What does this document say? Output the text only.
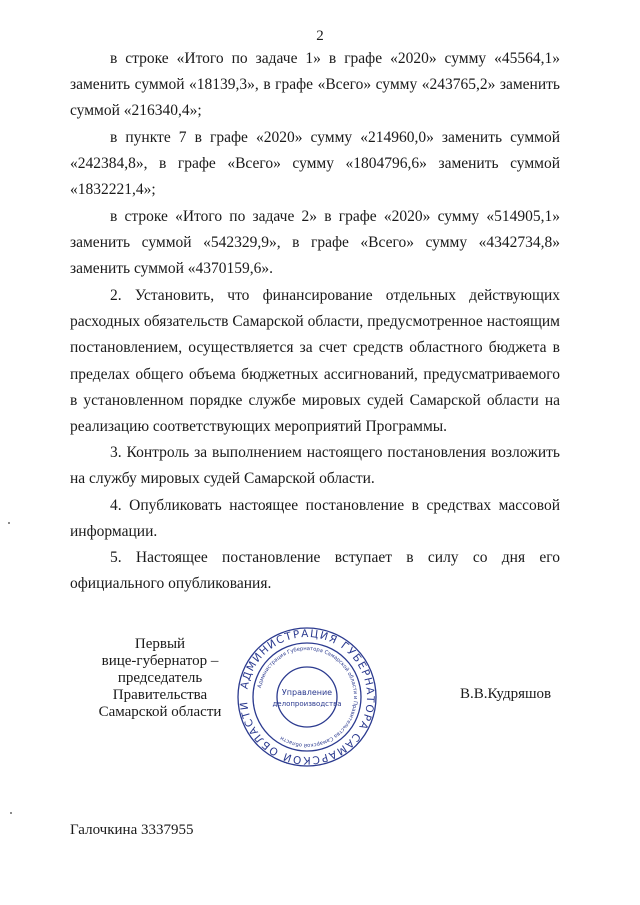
2

в строке «Итого по задаче 1» в графе «2020» сумму «45564,1» заменить суммой «18139,3», в графе «Всего» сумму «243765,2» заменить суммой «216340,4»;

в пункте 7 в графе «2020» сумму «214960,0» заменить суммой «242384,8», в графе «Всего» сумму «1804796,6» заменить суммой «1832221,4»;

в строке «Итого по задаче 2» в графе «2020» сумму «514905,1» заменить суммой «542329,9», в графе «Всего» сумму «4342734,8» заменить суммой «4370159,6».

2. Установить, что финансирование отдельных действующих расходных обязательств Самарской области, предусмотренное настоящим постановлением, осуществляется за счет средств областного бюджета в пределах общего объема бюджетных ассигнований, предусматриваемого в установленном порядке службе мировых судей Самарской области на реализацию соответствующих мероприятий Программы.

3. Контроль за выполнением настоящего постановления возложить на службу мировых судей Самарской области.

4. Опубликовать настоящее постановление в средствах массовой информации.

5. Настоящее постановление вступает в силу со дня его официального опубликования.

Первый
вице-губернатор –
председатель Правительства
Самарской области
АДМИНИСТРАЦИЯ ГУБЕРНАТОРА САМАРСКОЙ ОБЛАСТИ
Администрация Губернатора Самарской области и Правительства Самарской области
Управление
делопроизводства
В.В.Кудряшов
Галочкина 3337955
